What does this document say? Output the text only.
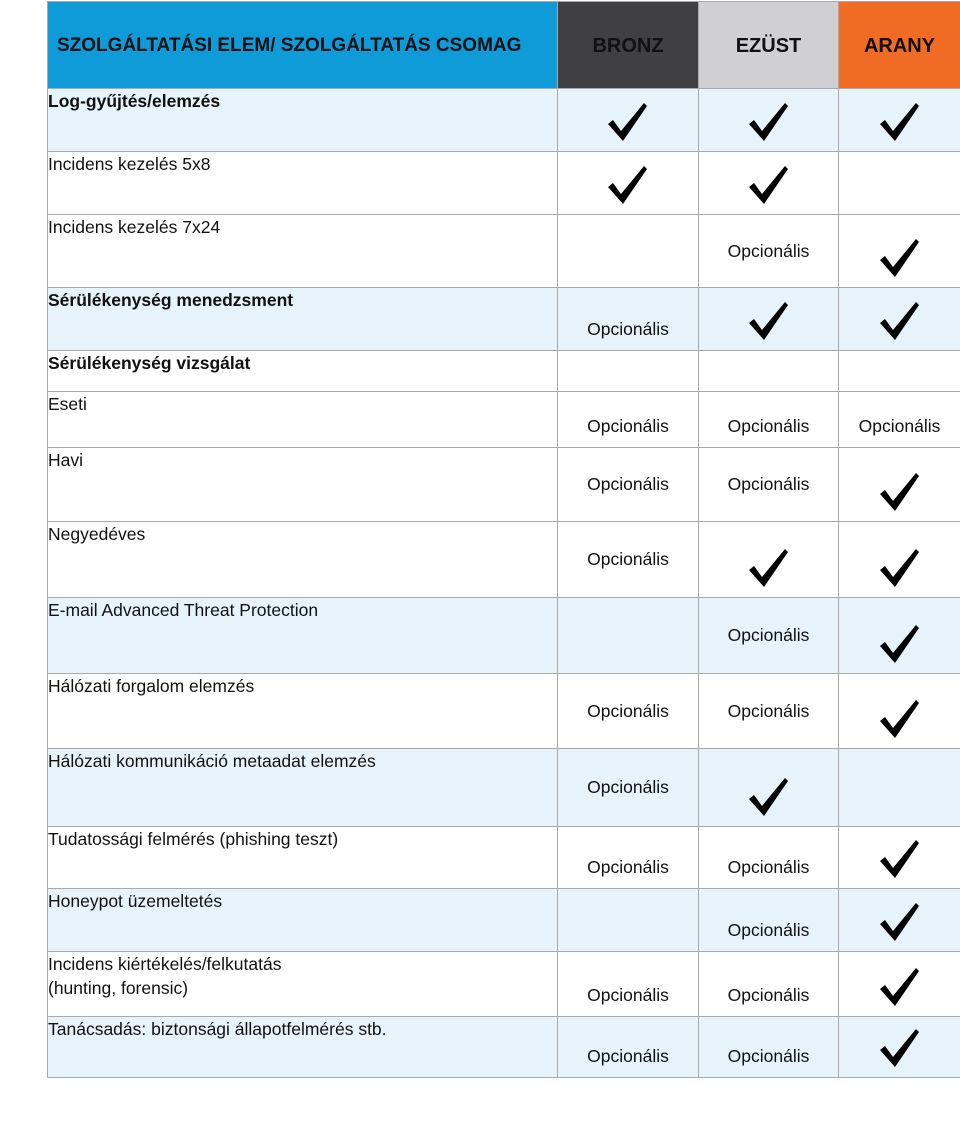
SZOLGÁLTATÁSI ELEM/ SZOLGÁLTATÁS CSOMAG	BRONZ	EZÜST	ARANY

Log-gyűjtés/elemzés	

Incidens kezelés 5x8	

Incidens kezelés 7x24		Opcionális	

Sérülékenység menedzsment	Opcionális

Sérülékenység vizsgálat			
Eseti	Opcionális	Opcionális	Opcionális

Havi	Opcionális	Opcionális	

Negyedéves	Opcionális	

E-mail Advanced Threat Protection		Opcionális	

Hálózati forgalom elemzés	Opcionális	Opcionális	

Hálózati kommunikáció metaadat elemzés	Opcionális	

Tudatossági felmérés (phishing teszt)	Opcionális	Opcionális

Honeypot üzemeltetés		Opcionális

Incidens kiértékelés/felkutatás
(hunting, forensic)	Opcionális	Opcionális

Tanácsadás: biztonsági állapotfelmérés stb.	Opcionális	Opcionális
